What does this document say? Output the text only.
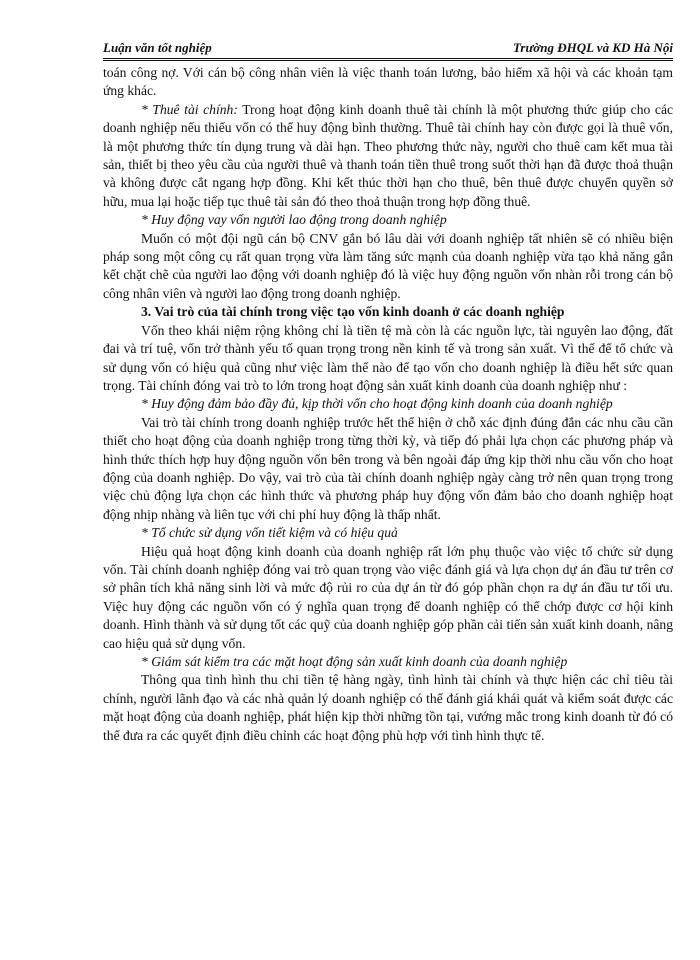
Luận văn tốt nghiệp	Trường ĐHQL và KD Hà Nội

toán công nợ. Với cán bộ công nhân viên là việc thanh toán lương, bảo hiểm xã hội và các khoản tạm ứng khác.

* Thuê tài chính: Trong hoạt động kinh doanh thuê tài chính là một phương thức giúp cho các doanh nghiệp nếu thiếu vốn có thể huy động bình thường. Thuê tài chính hay còn được gọi là thuê vốn, là một phương thức tín dụng trung và dài hạn. Theo phương thức này, người cho thuê cam kết mua tài sản, thiết bị theo yêu cầu của người thuê và thanh toán tiền thuê trong suốt thời hạn đã được thoả thuận và không được cắt ngang hợp đồng. Khi kết thúc thời hạn cho thuê, bên thuê được chuyển quyền sở hữu, mua lại hoặc tiếp tục thuê tài sản đó theo thoả thuận trong hợp đồng thuê.

* Huy động vay vốn người lao động trong doanh nghiệp

Muốn có một đội ngũ cán bộ CNV gắn bó lâu dài với doanh nghiệp tất nhiên sẽ có nhiều biện pháp song một công cụ rất quan trọng vừa làm tăng sức mạnh của doanh nghiệp vừa tạo khả năng gắn kết chặt chẽ của người lao động với doanh nghiệp đó là việc huy động nguồn vốn nhàn rỗi trong cán bộ công nhân viên và người lao động trong doanh nghiệp.

3. Vai trò của tài chính trong việc tạo vốn kinh doanh ở các doanh nghiệp

Vốn theo khái niệm rộng không chỉ là tiền tệ mà còn là các nguồn lực, tài nguyên lao động, đất đai và trí tuệ, vốn trở thành yếu tố quan trọng trong nền kinh tế và trong sản xuất. Vì thế để tổ chức và sử dụng vốn có hiệu quả cũng như việc làm thế nào để tạo vốn cho doanh nghiệp là điều hết sức quan trọng. Tài chính đóng vai trò to lớn trong hoạt động sản xuất kinh doanh của doanh nghiệp như :

* Huy động đảm bảo đầy đủ, kịp thời vốn cho hoạt động kinh doanh của doanh nghiệp

Vai trò tài chính trong doanh nghiệp trước hết thể hiện ở chỗ xác định đúng đắn các nhu cầu cần thiết cho hoạt động của doanh nghiệp trong từng thời kỳ, và tiếp đó phải lựa chọn các phương pháp và hình thức thích hợp huy động nguồn vốn bên trong và bên ngoài đáp ứng kịp thời nhu cầu vốn cho hoạt động của doanh nghiệp. Do vậy, vai trò của tài chính doanh nghiệp ngày càng trở nên quan trọng trong việc chủ động lựa chọn các hình thức và phương pháp huy động vốn đảm bảo cho doanh nghiệp hoạt động nhịp nhàng và liên tục với chi phí huy động là thấp nhất.

* Tổ chức sử dụng vốn tiết kiệm và có hiệu quả

Hiệu quả hoạt động kinh doanh của doanh nghiệp rất lớn phụ thuộc vào việc tổ chức sử dụng vốn. Tài chính doanh nghiệp đóng vai trò quan trọng vào việc đánh giá và lựa chọn dự án đầu tư trên cơ sở phân tích khả năng sinh lời và mức độ rủi ro của dự án từ đó góp phần chọn ra dự án đầu tư tối ưu. Việc huy động các nguồn vốn có ý nghĩa quan trọng để doanh nghiệp có thể chớp được cơ hội kinh doanh. Hình thành và sử dụng tốt các quỹ của doanh nghiệp góp phần cải tiến sản xuất kinh doanh, nâng cao hiệu quả sử dụng vốn.

* Giám sát kiểm tra các mặt hoạt động sản xuất kinh doanh của doanh nghiệp

Thông qua tình hình thu chi tiền tệ hàng ngày, tình hình tài chính và thực hiện các chỉ tiêu tài chính, người lãnh đạo và các nhà quản lý doanh nghiệp có thể đánh giá khái quát và kiểm soát được các mặt hoạt động của doanh nghiệp, phát hiện kịp thời những tồn tại, vướng mắc trong kinh doanh từ đó có thể đưa ra các quyết định điều chỉnh các hoạt động phù hợp với tình hình thực tế.
